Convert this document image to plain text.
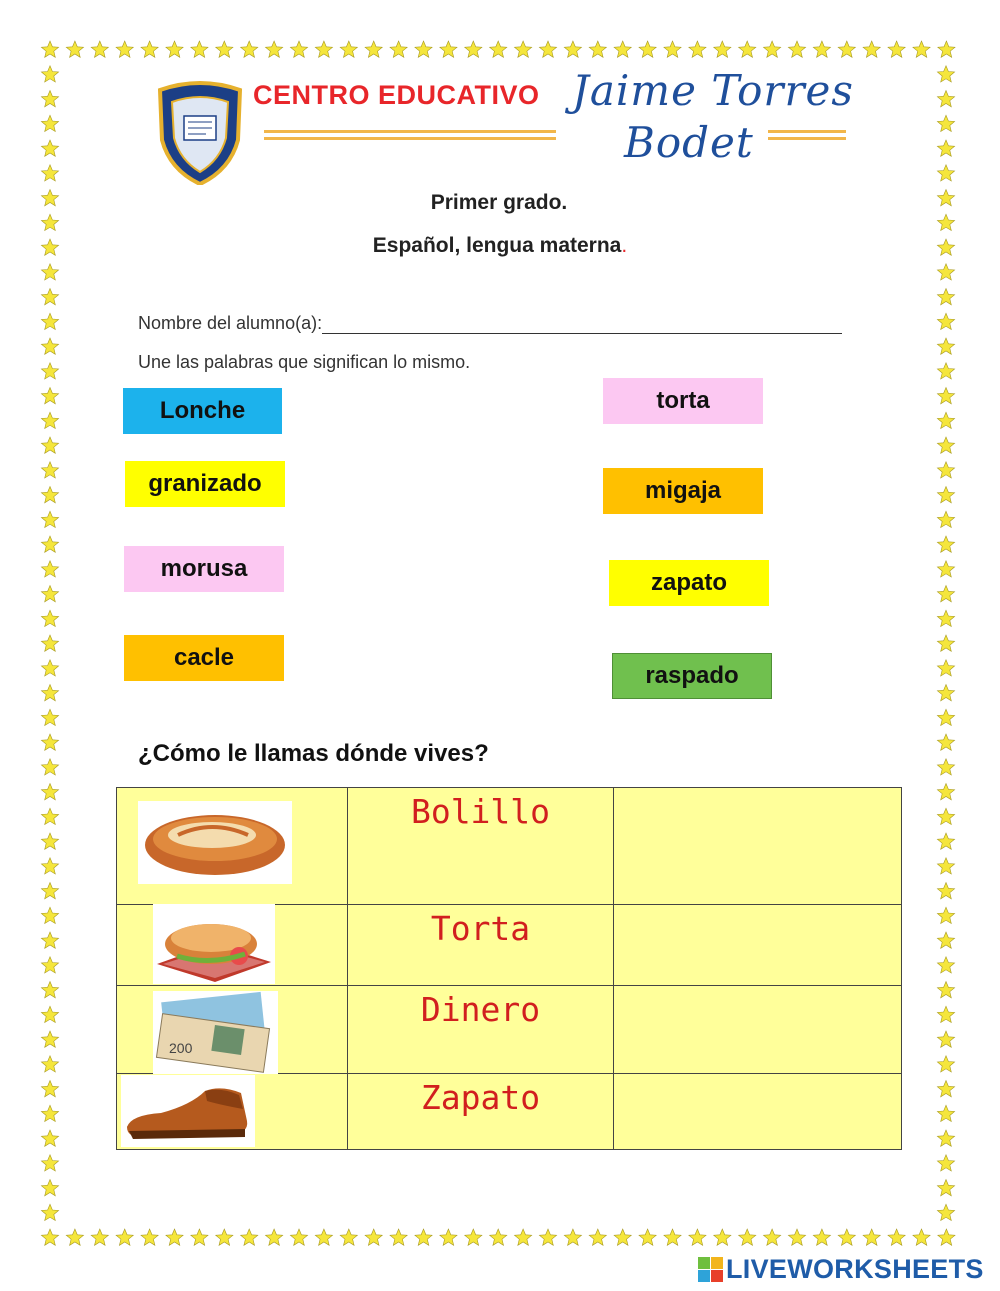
CENTRO EDUCATIVO Jaime Torres
Bodet
Primer grado.
Español, lengua materna.
Nombre del alumno(a):
Une las palabras que significan lo mismo.
Lonche
granizado
morusa
cacle
torta
migaja
zapato
raspado
¿Cómo le llamas dónde vives?

	Bolillo	

	Torta	

	Dinero	

	Zapato	

200
LIVEWORKSHEETS
